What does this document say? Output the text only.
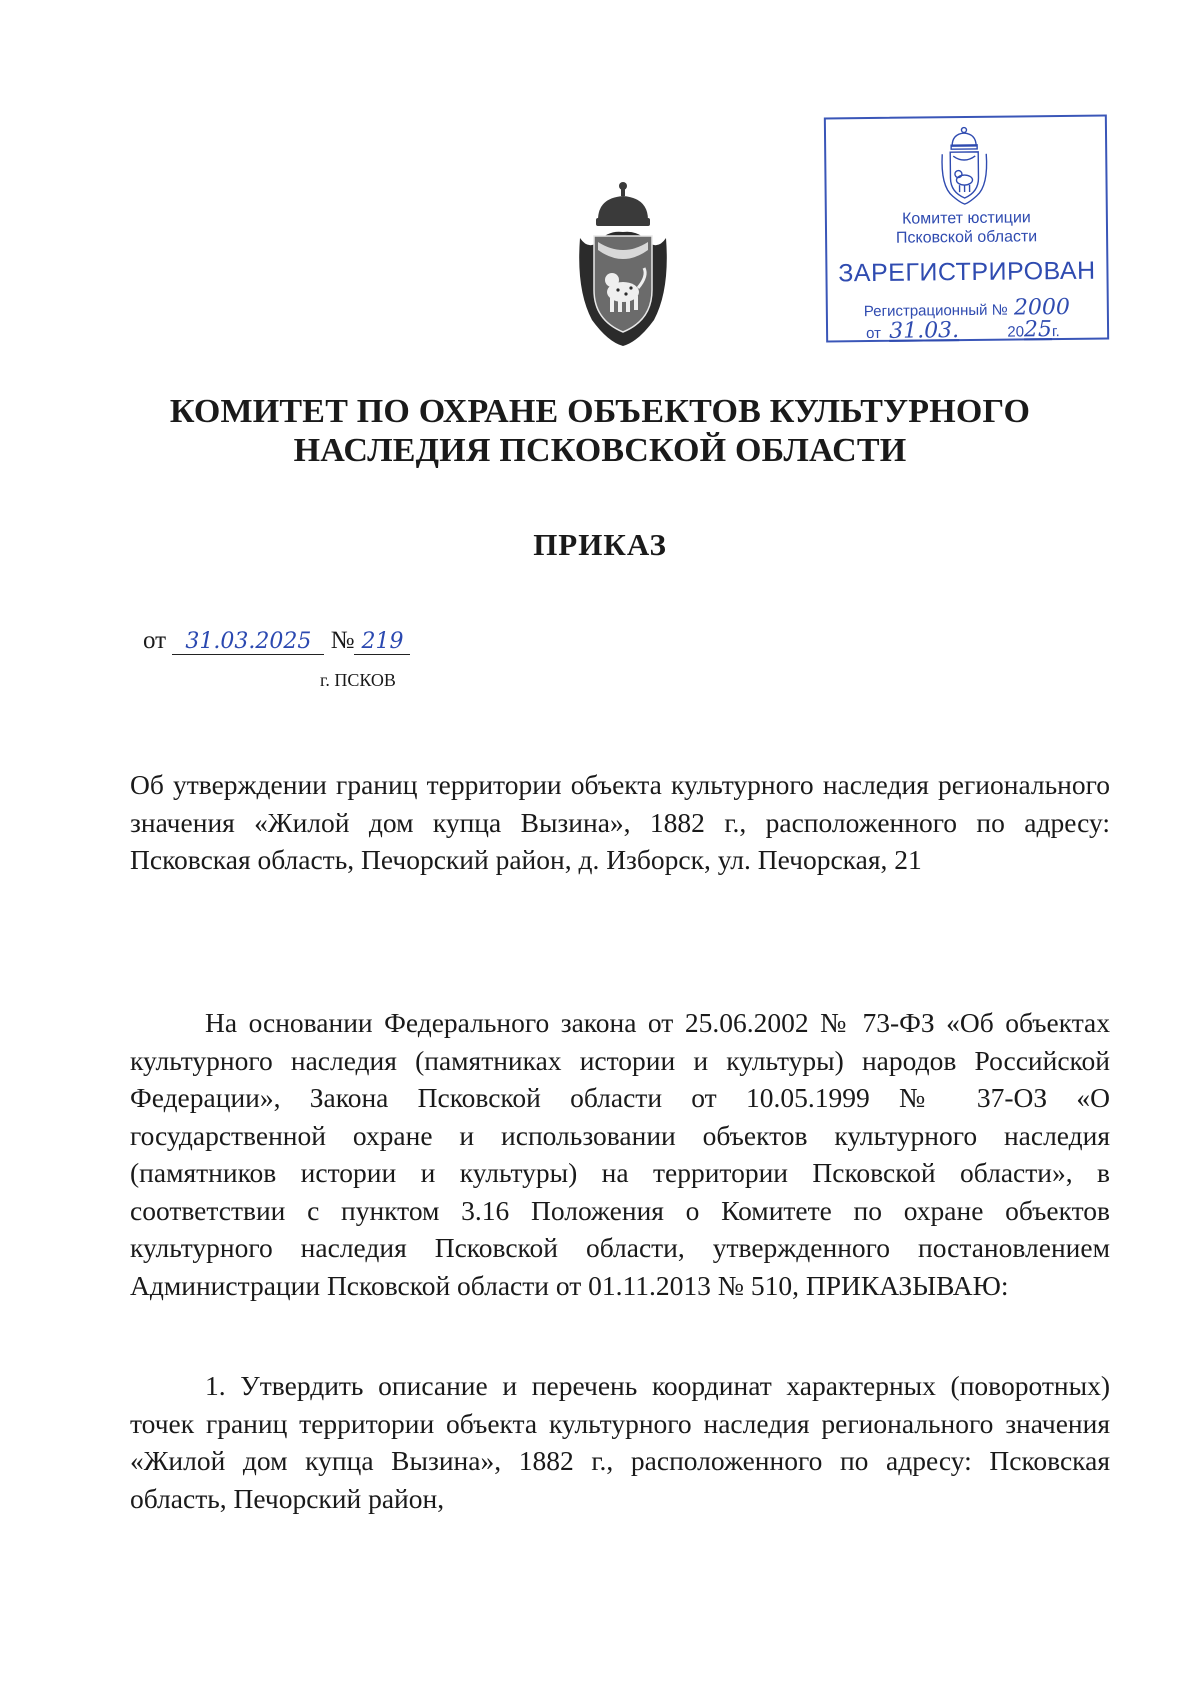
Комитет юстиции
Псковской области
ЗАРЕГИСТРИРОВАН
Регистрационный № 2000
от 31.03.	2025г.
КОМИТЕТ ПО ОХРАНЕ ОБЪЕКТОВ КУЛЬТУРНОГО
НАСЛЕДИЯ ПСКОВСКОЙ ОБЛАСТИ
ПРИКАЗ
от 31.03.2025 № 219
г. ПСКОВ
Об утверждении границ территории объекта культурного наследия регионального значения «Жилой дом купца Вызина», 1882 г., расположенного по адресу: Псковская область, Печорский район, д. Изборск, ул. Печорская, 21
На основании Федерального закона от 25.06.2002 № 73-ФЗ «Об объектах культурного наследия (памятниках истории и культуры) народов Российской Федерации», Закона Псковской области от 10.05.1999 № 37-ОЗ «О государственной охране и использовании объектов культурного наследия (памятников истории и культуры) на территории Псковской области», в соответствии с пунктом 3.16 Положения о Комитете по охране объектов культурного наследия Псковской области, утвержденного постановлением Администрации Псковской области от 01.11.2013 № 510, ПРИКАЗЫВАЮ:
1. Утвердить описание и перечень координат характерных (поворотных) точек границ территории объекта культурного наследия регионального значения «Жилой дом купца Вызина», 1882 г., расположенного по адресу: Псковская область, Печорский район,
